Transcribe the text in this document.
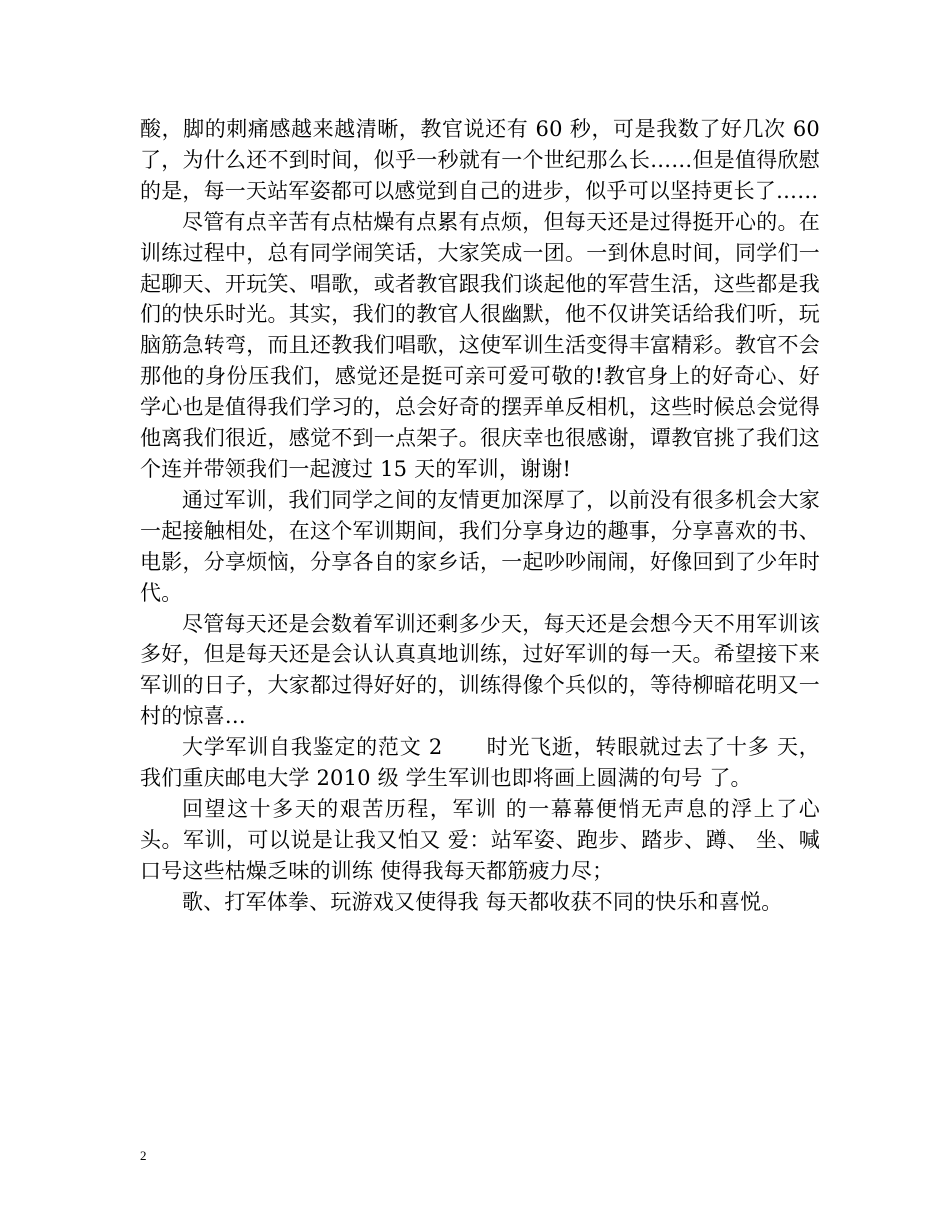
酸，脚的刺痛感越来越清晰，教官说还有 60 秒，可是我数了好几次 60 了，为什么还不到时间，似乎一秒就有一个世纪那么长……但是值得欣慰的是，每一天站军姿都可以感觉到自己的进步，似乎可以坚持更长了……

尽管有点辛苦有点枯燥有点累有点烦，但每天还是过得挺开心的。在训练过程中，总有同学闹笑话，大家笑成一团。一到休息时间，同学们一起聊天、开玩笑、唱歌，或者教官跟我们谈起他的军营生活，这些都是我们的快乐时光。其实，我们的教官人很幽默，他不仅讲笑话给我们听，玩脑筋急转弯，而且还教我们唱歌，这使军训生活变得丰富精彩。教官不会那他的身份压我们，感觉还是挺可亲可爱可敬的!教官身上的好奇心、好学心也是值得我们学习的，总会好奇的摆弄单反相机，这些时候总会觉得他离我们很近，感觉不到一点架子。很庆幸也很感谢，谭教官挑了我们这个连并带领我们一起渡过 15 天的军训，谢谢!

通过军训，我们同学之间的友情更加深厚了，以前没有很多机会大家一起接触相处，在这个军训期间，我们分享身边的趣事，分享喜欢的书、电影，分享烦恼，分享各自的家乡话，一起吵吵闹闹，好像回到了少年时代。

尽管每天还是会数着军训还剩多少天，每天还是会想今天不用军训该多好，但是每天还是会认认真真地训练，过好军训的每一天。希望接下来军训的日子，大家都过得好好的，训练得像个兵似的，等待柳暗花明又一村的惊喜…

大学军训自我鉴定的范文 2　　时光飞逝，转眼就过去了十多 天，我们重庆邮电大学 2010 级 学生军训也即将画上圆满的句号 了。

回望这十多天的艰苦历程，军训 的一幕幕便悄无声息的浮上了心头。军训，可以说是让我又怕又 爱：站军姿、跑步、踏步、蹲、 坐、喊口号这些枯燥乏味的训练 使得我每天都筋疲力尽；

歌、打军体拳、玩游戏又使得我 每天都收获不同的快乐和喜悦。

2
